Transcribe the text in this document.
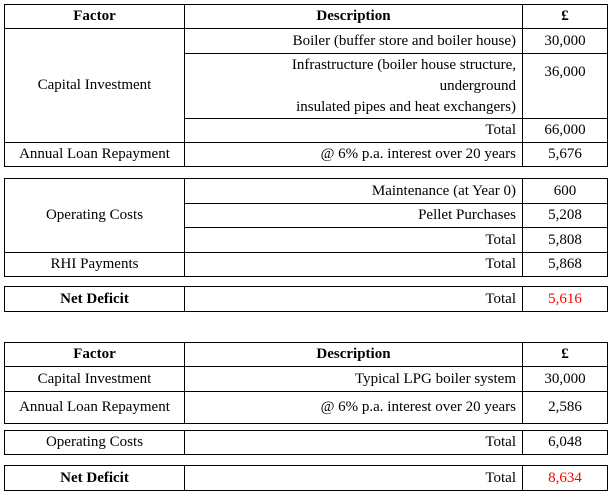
Factor	Description	£
Capital Investment	Boiler (buffer store and boiler house)	30,000

	Infrastructure (boiler house structure,
underground
insulated pipes and heat exchangers)	36,000
	Total	66,000
Annual Loan Repayment	@ 6% p.a. interest over 20 years	5,676
Operating Costs	Maintenance (at Year 0)	600
	Pellet Purchases	5,208
	Total	5,808
RHI Payments	Total	5,868
Net Deficit	Total	5,616
Factor	Description	£
Capital Investment	Typical LPG boiler system	30,000
Annual Loan Repayment	@ 6% p.a. interest over 20 years	2,586
Operating Costs	Total	6,048
Net Deficit	Total	8,634
